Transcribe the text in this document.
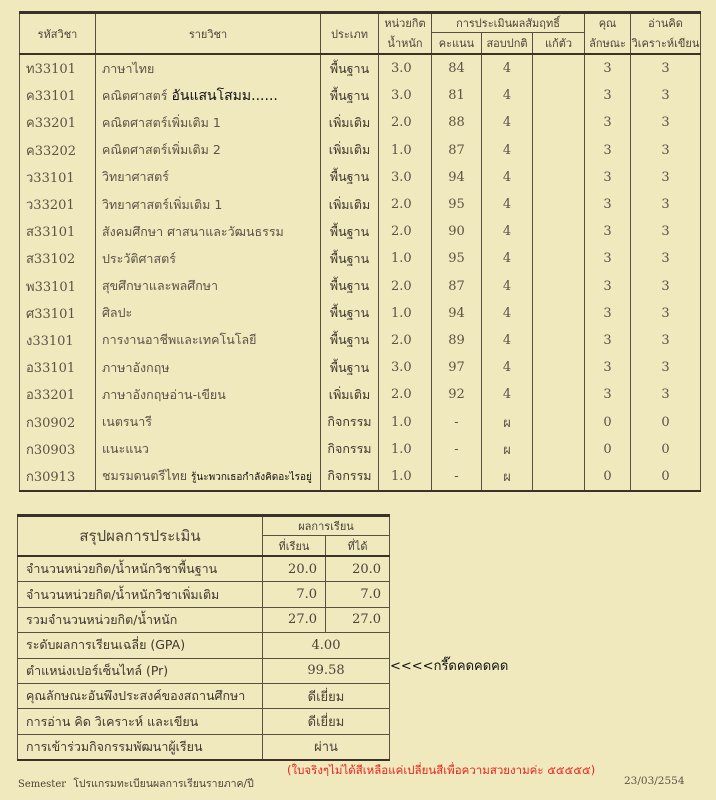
รหัสวิชา	รายวิชา	ประเภท	หน่วยกิต	การประเมินผลสัมฤทธิ์			คุณ	อ่านคิด
			น้ำหนัก	คะแนน	สอบปกติ	แก้ตัว	ลักษณะ	วิเคราะห์เขียน
ท33101	ภาษาไทย	พื้นฐาน	3.0	84	4		3	3
ค33101	คณิตศาสตร์ อันแสนโสมม......	พื้นฐาน	3.0	81	4		3	3
ค33201	คณิตศาสตร์เพิ่มเติม 1	เพิ่มเติม	2.0	88	4		3	3
ค33202	คณิตศาสตร์เพิ่มเติม 2	เพิ่มเติม	1.0	87	4		3	3
ว33101	วิทยาศาสตร์	พื้นฐาน	3.0	94	4		3	3
ว33201	วิทยาศาสตร์เพิ่มเติม 1	เพิ่มเติม	2.0	95	4		3	3
ส33101	สังคมศึกษา ศาสนาและวัฒนธรรม	พื้นฐาน	2.0	90	4		3	3
ส33102	ประวัติศาสตร์	พื้นฐาน	1.0	95	4		3	3
พ33101	สุขศึกษาและพลศึกษา	พื้นฐาน	2.0	87	4		3	3
ศ33101	ศิลปะ	พื้นฐาน	1.0	94	4		3	3
ง33101	การงานอาชีพและเทคโนโลยี	พื้นฐาน	2.0	89	4		3	3
อ33101	ภาษาอังกฤษ	พื้นฐาน	3.0	97	4		3	3
อ33201	ภาษาอังกฤษอ่าน-เขียน	เพิ่มเติม	2.0	92	4		3	3
ก30902	เนตรนารี	กิจกรรม	1.0	-	ผ		0	0
ก30903	แนะแนว	กิจกรรม	1.0	-	ผ		0	0
ก30913	ชมรมดนตรีไทย รู้นะพวกเธอกำลังคิดอะไรอยู่	กิจกรรม	1.0	-	ผ		0	0
สรุปผลการประเมิน	ผลการเรียน	
	ที่เรียน	ที่ได้
จำนวนหน่วยกิต/น้ำหนักวิชาพื้นฐาน	20.0	20.0
จำนวนหน่วยกิต/น้ำหนักวิชาเพิ่มเติม	7.0	7.0
รวมจำนวนหน่วยกิต/น้ำหนัก	27.0	27.0
ระดับผลการเรียนเฉลี่ย (GPA)	4.00	
ตำแหน่งเปอร์เซ็นไทล์ (Pr)	99.58	
คุณลักษณะอันพึงประสงค์ของสถานศึกษา	ดีเยี่ยม	
การอ่าน คิด วิเคราะห์ และเขียน	ดีเยี่ยม	
การเข้าร่วมกิจกรรมพัฒนาผู้เรียน	ผ่าน	
<<<<กรี๊ดคดคดคด
(ใบจริงๆไม่ได้สีเหลือแค่เปลี่ยนสีเพื่อความสวยงามค่ะ ๕๕๕๕๕)
Semester โปรแกรมทะเบียนผลการเรียนรายภาค/ปี	23/03/2554
